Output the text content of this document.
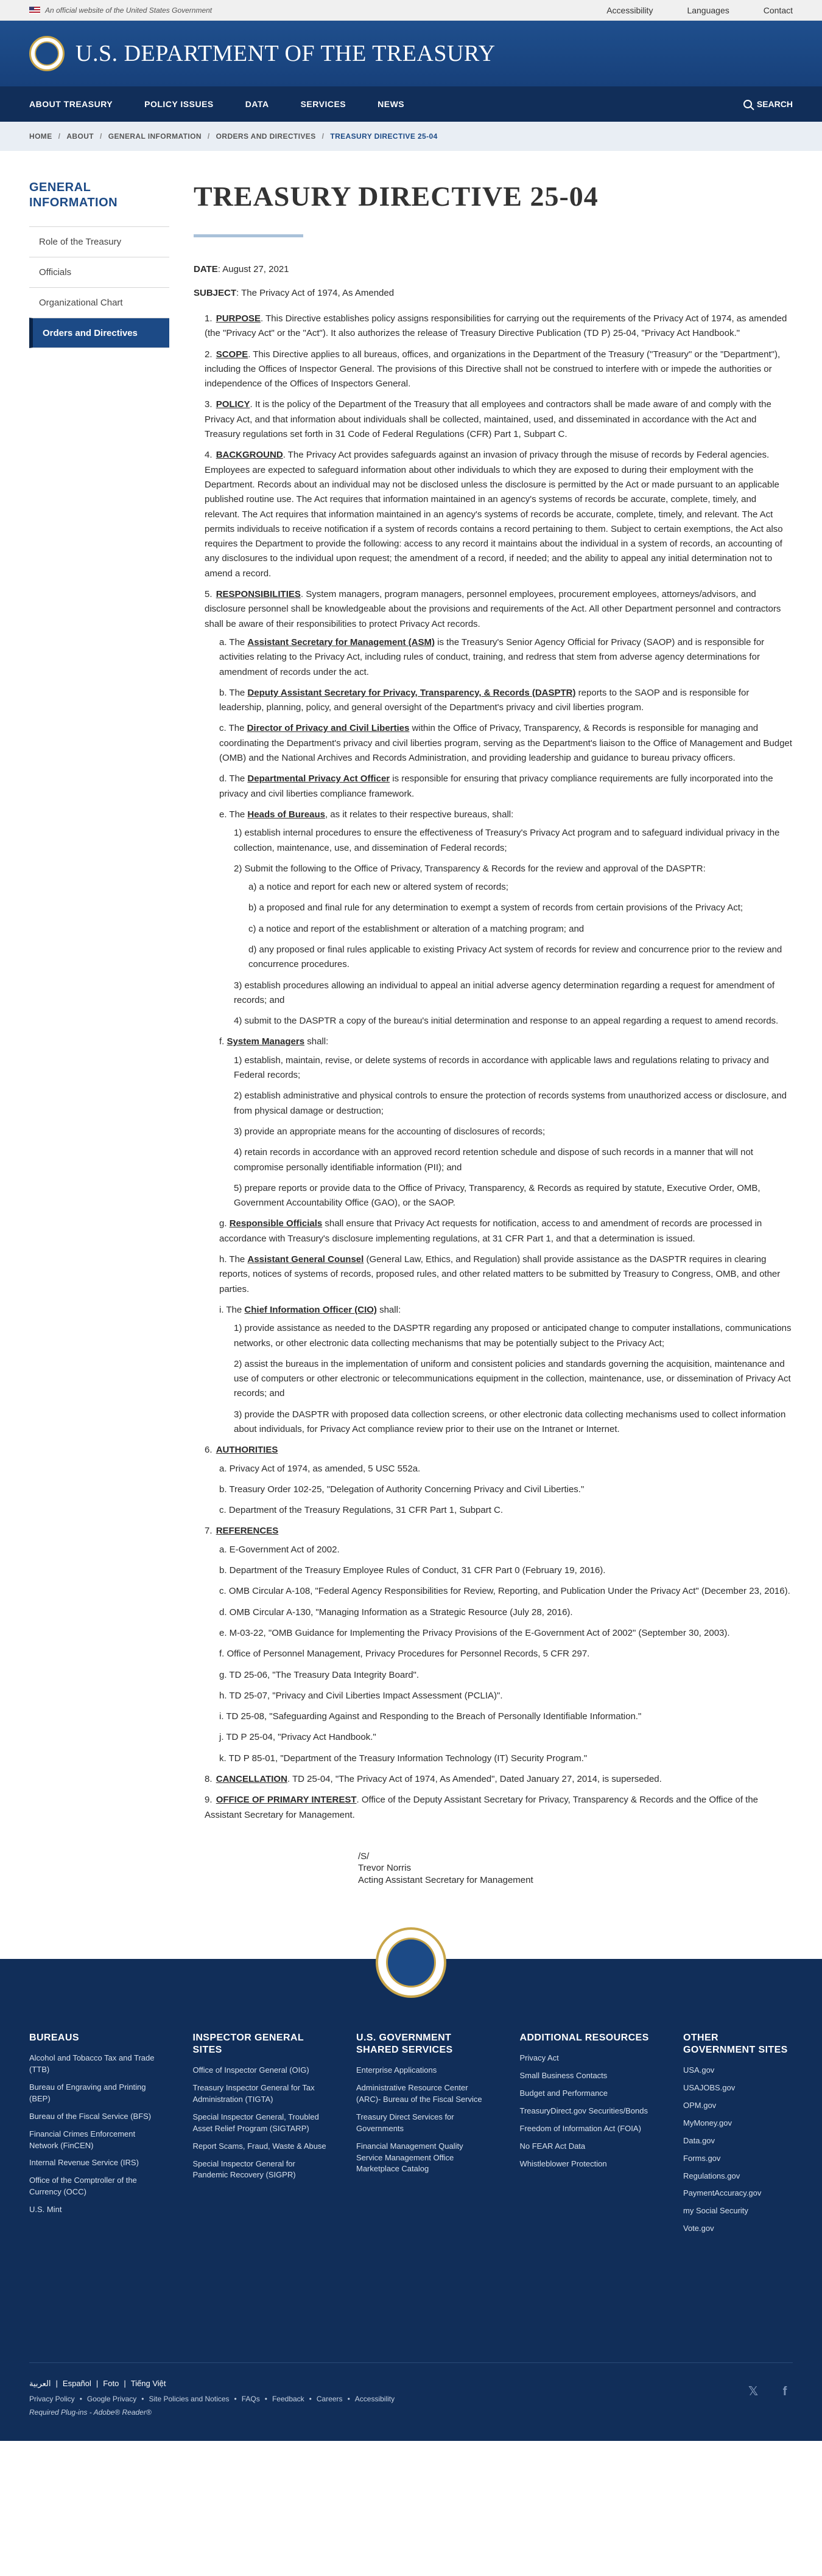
An official website of the United States Government	Accessibility	Languages	Contact
U.S. DEPARTMENT OF THE TREASURY
ABOUT TREASURY	POLICY ISSUES	DATA	SERVICES	NEWS	SEARCH
HOME / ABOUT / GENERAL INFORMATION / ORDERS AND DIRECTIVES / TREASURY DIRECTIVE 25-04
GENERAL INFORMATION
Role of the Treasury
Officials
Organizational Chart
Orders and Directives
TREASURY DIRECTIVE 25-04
DATE: August 27, 2021
SUBJECT: The Privacy Act of 1974, As Amended
1. PURPOSE. This Directive establishes policy assigns responsibilities for carrying out the requirements of the Privacy Act of 1974, as amended (the "Privacy Act" or the "Act"). It also authorizes the release of Treasury Directive Publication (TD P) 25-04, "Privacy Act Handbook."
2. SCOPE. This Directive applies to all bureaus, offices, and organizations in the Department of the Treasury ("Treasury" or the "Department"), including the Offices of Inspector General. The provisions of this Directive shall not be construed to interfere with or impede the authorities or independence of the Offices of Inspectors General.
3. POLICY. It is the policy of the Department of the Treasury that all employees and contractors shall be made aware of and comply with the Privacy Act, and that information about individuals shall be collected, maintained, used, and disseminated in accordance with the Act and Treasury regulations set forth in 31 Code of Federal Regulations (CFR) Part 1, Subpart C.
4. BACKGROUND. The Privacy Act provides safeguards against an invasion of privacy through the misuse of records by Federal agencies. Employees are expected to safeguard information about other individuals to which they are exposed to during their employment with the Department. Records about an individual may not be disclosed unless the disclosure is permitted by the Act or made pursuant to an applicable published routine use. The Act requires that information maintained in an agency's systems of records be accurate, complete, timely, and relevant. The Act requires that information maintained in an agency's systems of records be accurate, complete, timely, and relevant. The Act permits individuals to receive notification if a system of records contains a record pertaining to them. Subject to certain exemptions, the Act also requires the Department to provide the following: access to any record it maintains about the individual in a system of records, an accounting of any disclosures to the individual upon request; the amendment of a record, if needed; and the ability to appeal any initial determination not to amend a record.
5. RESPONSIBILITIES. System managers, program managers, personnel employees, procurement employees, attorneys/advisors, and disclosure personnel shall be knowledgeable about the provisions and requirements of the Act. All other Department personnel and contractors shall be aware of their responsibilities to protect Privacy Act records.
a. The Assistant Secretary for Management (ASM) is the Treasury's Senior Agency Official for Privacy (SAOP) and is responsible for activities relating to the Privacy Act, including rules of conduct, training, and redress that stem from adverse agency determinations for amendment of records under the act.
b. The Deputy Assistant Secretary for Privacy, Transparency, & Records (DASPTR) reports to the SAOP and is responsible for leadership, planning, policy, and general oversight of the Department's privacy and civil liberties program.
c. The Director of Privacy and Civil Liberties within the Office of Privacy, Transparency, & Records is responsible for managing and coordinating the Department's privacy and civil liberties program, serving as the Department's liaison to the Office of Management and Budget (OMB) and the National Archives and Records Administration, and providing leadership and guidance to bureau privacy officers.
d. The Departmental Privacy Act Officer is responsible for ensuring that privacy compliance requirements are fully incorporated into the privacy and civil liberties compliance framework.
e. The Heads of Bureaus, as it relates to their respective bureaus, shall:
1) establish internal procedures to ensure the effectiveness of Treasury's Privacy Act program and to safeguard individual privacy in the collection, maintenance, use, and dissemination of Federal records;
2) Submit the following to the Office of Privacy, Transparency & Records for the review and approval of the DASPTR:
a) a notice and report for each new or altered system of records;
b) a proposed and final rule for any determination to exempt a system of records from certain provisions of the Privacy Act;
c) a notice and report of the establishment or alteration of a matching program; and
d) any proposed or final rules applicable to existing Privacy Act system of records for review and concurrence prior to the review and concurrence procedures.
3) establish procedures allowing an individual to appeal an initial adverse agency determination regarding a request for amendment of records; and
4) submit to the DASPTR a copy of the bureau's initial determination and response to an appeal regarding a request to amend records.
f. System Managers shall:
1) establish, maintain, revise, or delete systems of records in accordance with applicable laws and regulations relating to privacy and Federal records;
2) establish administrative and physical controls to ensure the protection of records systems from unauthorized access or disclosure, and from physical damage or destruction;
3) provide an appropriate means for the accounting of disclosures of records;
4) retain records in accordance with an approved record retention schedule and dispose of such records in a manner that will not compromise personally identifiable information (PII); and
5) prepare reports or provide data to the Office of Privacy, Transparency, & Records as required by statute, Executive Order, OMB, Government Accountability Office (GAO), or the SAOP.
g. Responsible Officials shall ensure that Privacy Act requests for notification, access to and amendment of records are processed in accordance with Treasury's disclosure implementing regulations, at 31 CFR Part 1, and that a determination is issued.
h. The Assistant General Counsel (General Law, Ethics, and Regulation) shall provide assistance as the DASPTR requires in clearing reports, notices of systems of records, proposed rules, and other related matters to be submitted by Treasury to Congress, OMB, and other parties.
i. The Chief Information Officer (CIO) shall:
1) provide assistance as needed to the DASPTR regarding any proposed or anticipated change to computer installations, communications networks, or other electronic data collecting mechanisms that may be potentially subject to the Privacy Act;
2) assist the bureaus in the implementation of uniform and consistent policies and standards governing the acquisition, maintenance and use of computers or other electronic or telecommunications equipment in the collection, maintenance, use, or dissemination of Privacy Act records; and
3) provide the DASPTR with proposed data collection screens, or other electronic data collecting mechanisms used to collect information about individuals, for Privacy Act compliance review prior to their use on the Intranet or Internet.
6. AUTHORITIES
a. Privacy Act of 1974, as amended, 5 USC 552a.
b. Treasury Order 102-25, "Delegation of Authority Concerning Privacy and Civil Liberties."
c. Department of the Treasury Regulations, 31 CFR Part 1, Subpart C.
7. REFERENCES
a. E-Government Act of 2002.
b. Department of the Treasury Employee Rules of Conduct, 31 CFR Part 0 (February 19, 2016).
c. OMB Circular A-108, "Federal Agency Responsibilities for Review, Reporting, and Publication Under the Privacy Act" (December 23, 2016).
d. OMB Circular A-130, "Managing Information as a Strategic Resource (July 28, 2016).
e. M-03-22, "OMB Guidance for Implementing the Privacy Provisions of the E-Government Act of 2002" (September 30, 2003).
f. Office of Personnel Management, Privacy Procedures for Personnel Records, 5 CFR 297.
g. TD 25-06, "The Treasury Data Integrity Board".
h. TD 25-07, "Privacy and Civil Liberties Impact Assessment (PCLIA)".
i. TD 25-08, "Safeguarding Against and Responding to the Breach of Personally Identifiable Information."
j. TD P 25-04, "Privacy Act Handbook."
k. TD P 85-01, "Department of the Treasury Information Technology (IT) Security Program."
8. CANCELLATION. TD 25-04, "The Privacy Act of 1974, As Amended", Dated January 27, 2014, is superseded.
9. OFFICE OF PRIMARY INTEREST. Office of the Deputy Assistant Secretary for Privacy, Transparency & Records and the Office of the Assistant Secretary for Management.
/S/
Trevor Norris
Acting Assistant Secretary for Management
BUREAUS
Alcohol and Tobacco Tax and Trade (TTB)
Bureau of Engraving and Printing (BEP)
Bureau of the Fiscal Service (BFS)
Financial Crimes Enforcement Network (FinCEN)
Internal Revenue Service (IRS)
Office of the Comptroller of the Currency (OCC)
U.S. Mint
INSPECTOR GENERAL SITES
Office of Inspector General (OIG)
Treasury Inspector General for Tax Administration (TIGTA)
Special Inspector General, Troubled Asset Relief Program (SIGTARP)
Report Scams, Fraud, Waste & Abuse
Special Inspector General for Pandemic Recovery (SIGPR)
U.S. GOVERNMENT SHARED SERVICES
Enterprise Applications
Administrative Resource Center (ARC)- Bureau of the Fiscal Service
Treasury Direct Services for Governments
Financial Management Quality Service Management Office Marketplace Catalog
ADDITIONAL RESOURCES
Privacy Act
Small Business Contacts
Budget and Performance
TreasuryDirect.gov Securities/Bonds
Freedom of Information Act (FOIA)
No FEAR Act Data
Whistleblower Protection
OTHER GOVERNMENT SITES
USA.gov
USAJOBS.gov
OPM.gov
MyMoney.gov
Data.gov
Forms.gov
Regulations.gov
PaymentAccuracy.gov
my Social Security
Vote.gov
العربية | Español | Foto | Tiếng Việt
Privacy Policy • Google Privacy • Site Policies and Notices • FAQs • Feedback • Careers • Accessibility
Required Plug-ins - Adobe® Reader®
𝕏	f
